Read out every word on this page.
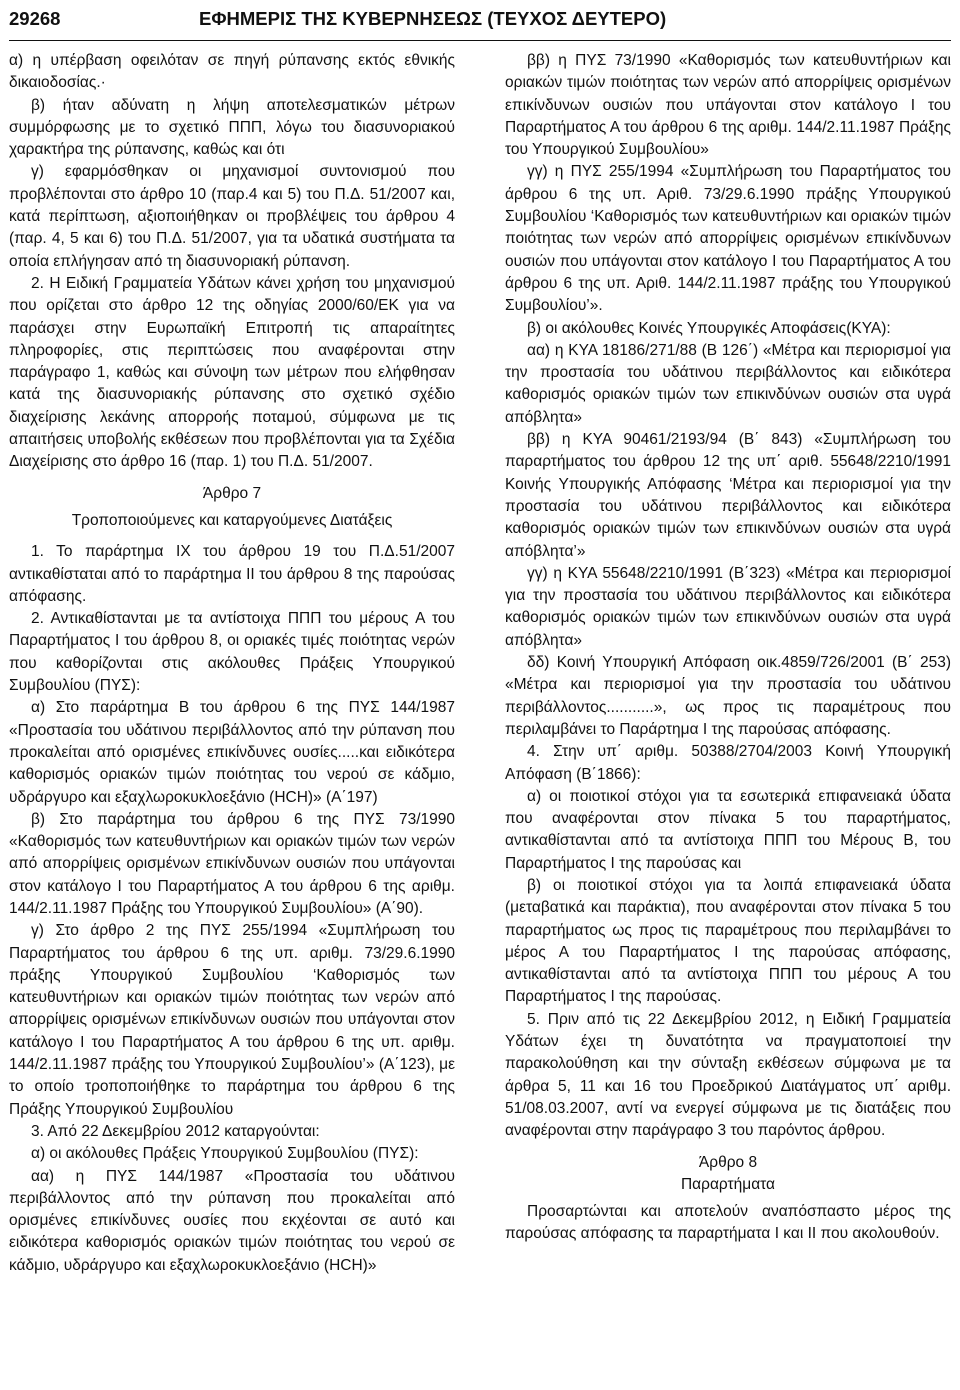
29268	ΕΦΗΜΕΡΙΣ ΤΗΣ ΚΥΒΕΡΝΗΣΕΩΣ (ΤΕΥΧΟΣ ΔΕΥΤΕΡΟ)

α) η υπέρβαση οφειλόταν σε πηγή ρύπανσης εκτός εθνικής δικαιοδοσίας.·

β) ήταν αδύνατη η λήψη αποτελεσματικών μέτρων συμμόρφωσης με το σχετικό ΠΠΠ, λόγω του διασυνοριακού χαρακτήρα της ρύπανσης, καθώς και ότι

γ) εφαρμόσθηκαν οι μηχανισμοί συντονισμού που προβλέπονται στο άρθρο 10 (παρ.4 και 5) του Π.Δ. 51/2007 και, κατά περίπτωση, αξιοποιήθηκαν οι προβλέψεις του άρθρου 4 (παρ. 4, 5 και 6) του Π.Δ. 51/2007, για τα υδατικά συστήματα τα οποία επλήγησαν από τη διασυνοριακή ρύπανση.

2. Η Ειδική Γραμματεία Υδάτων κάνει χρήση του μηχανισμού που ορίζεται στο άρθρο 12 της οδηγίας 2000/60/ΕΚ για να παράσχει στην Ευρωπαϊκή Επιτροπή τις απαραίτητες πληροφορίες, στις περιπτώσεις που αναφέρονται στην παράγραφο 1, καθώς και σύνοψη των μέτρων που ελήφθησαν κατά της διασυνοριακής ρύπανσης στο σχετικό σχέδιο διαχείρισης λεκάνης απορροής ποταμού, σύμφωνα με τις απαιτήσεις υποβολής εκθέσεων που προβλέπονται για τα Σχέδια Διαχείρισης στο άρθρο 16 (παρ. 1) του Π.Δ. 51/2007.

Άρθρο 7

Τροποποιούμενες και καταργούμενες Διατάξεις

1. Το παράρτημα IX του άρθρου 19 του Π.Δ.51/2007 αντικαθίσταται από το παράρτημα II του άρθρου 8 της παρούσας απόφασης.

2. Αντικαθίστανται με τα αντίστοιχα ΠΠΠ του μέρους Α του Παραρτήματος I του άρθρου 8, οι οριακές τιμές ποιότητας νερών που καθορίζονται στις ακόλουθες Πράξεις Υπουργικού Συμβουλίου (ΠΥΣ):

α) Στο παράρτημα Β του άρθρου 6 της ΠΥΣ 144/1987 «Προστασία του υδάτινου περιβάλλοντος από την ρύπανση που προκαλείται από ορισμένες επικίνδυνες ουσίες.....και ειδικότερα καθορισμός οριακών τιμών ποιότητας του νερού σε κάδμιο, υδράργυρο και εξαχλωροκυκλοεξάνιο (HCH)» (Α΄197)

β) Στο παράρτημα του άρθρου 6 της ΠΥΣ 73/1990 «Καθορισμός των κατευθυντήριων και οριακών τιμών των νερών από απορρίψεις ορισμένων επικίνδυνων ουσιών που υπάγονται στον κατάλογο I του Παραρτήματος Α του άρθρου 6 της αριθμ. 144/2.11.1987 Πράξης του Υπουργικού Συμβουλίου» (Α΄90).

γ) Στο άρθρο 2 της ΠΥΣ 255/1994 «Συμπλήρωση του Παραρτήματος του άρθρου 6 της υπ. αριθμ. 73/29.6.1990 πράξης Υπουργικού Συμβουλίου ‘Καθορισμός των κατευθυντήριων και οριακών τιμών ποιότητας των νερών από απορρίψεις ορισμένων επικίνδυνων ουσιών που υπάγονται στον κατάλογο I του Παραρτήματος Α του άρθρου 6 της υπ. αριθμ. 144/2.11.1987 πράξης του Υπουργικού Συμβουλίου’» (Α΄123), με το οποίο τροποποιήθηκε το παράρτημα του άρθρου 6 της Πράξης Υπουργικού Συμβουλίου

3. Από 22 Δεκεμβρίου 2012 καταργούνται:

α) οι ακόλουθες Πράξεις Υπουργικού Συμβουλίου (ΠΥΣ):

αα) η ΠΥΣ 144/1987 «Προστασία του υδάτινου περιβάλλοντος από την ρύπανση που προκαλείται από ορισμένες επικίνδυνες ουσίες που εκχέονται σε αυτό και ειδικότερα καθορισμός οριακών τιμών ποιότητας του νερού σε κάδμιο, υδράργυρο και εξαχλωροκυκλοεξάνιο (HCH)»

ββ) η ΠΥΣ 73/1990 «Καθορισμός των κατευθυντήριων και οριακών τιμών ποιότητας των νερών από απορρίψεις ορισμένων επικίνδυνων ουσιών που υπάγονται στον κατάλογο I του Παραρτήματος Α του άρθρου 6 της αριθμ. 144/2.11.1987 Πράξης του Υπουργικού Συμβουλίου»

γγ) η ΠΥΣ 255/1994 «Συμπλήρωση του Παραρτήματος του άρθρου 6 της υπ. Αριθ. 73/29.6.1990 πράξης Υπουργικού Συμβουλίου ‘Καθορισμός των κατευθυντήριων και οριακών τιμών ποιότητας των νερών από απορρίψεις ορισμένων επικίνδυνων ουσιών που υπάγονται στον κατάλογο I του Παραρτήματος Α του άρθρου 6 της υπ. Αριθ. 144/2.11.1987 πράξης του Υπουργικού Συμβουλίου’».

β) οι ακόλουθες Κοινές Υπουργικές Αποφάσεις(ΚΥΑ):

αα) η ΚΥΑ 18186/271/88 (Β 126΄) «Μέτρα και περιορισμοί για την προστασία του υδάτινου περιβάλλοντος και ειδικότερα καθορισμός οριακών τιμών των επικινδύνων ουσιών στα υγρά απόβλητα»

ββ) η ΚΥΑ 90461/2193/94 (Β΄ 843) «Συμπλήρωση του παραρτήματος του άρθρου 12 της υπ΄ αριθ. 55648/2210/1991 Κοινής Υπουργικής Απόφασης ‘Μέτρα και περιορισμοί για την προστασία του υδάτινου περιβάλλοντος και ειδικότερα καθορισμός οριακών τιμών των επικινδύνων ουσιών στα υγρά απόβλητα’»

γγ) η ΚΥΑ 55648/2210/1991 (Β΄323) «Μέτρα και περιορισμοί για την προστασία του υδάτινου περιβάλλοντος και ειδικότερα καθορισμός οριακών τιμών των επικινδύνων ουσιών στα υγρά απόβλητα»

δδ) Κοινή Υπουργική Απόφαση οικ.4859/726/2001 (Β΄ 253) «Μέτρα και περιορισμοί για την προστασία του υδάτινου περιβάλλοντος...........», ως προς τις παραμέτρους που περιλαμβάνει το Παράρτημα I της παρούσας απόφασης.

4. Στην υπ΄ αριθμ. 50388/2704/2003 Κοινή Υπουργική Απόφαση (Β΄1866):

α) οι ποιοτικοί στόχοι για τα εσωτερικά επιφανειακά ύδατα που αναφέρονται στον πίνακα 5 του παραρτήματος, αντικαθίστανται από τα αντίστοιχα ΠΠΠ του Μέρους Β, του Παραρτήματος I της παρούσας και

β) οι ποιοτικοί στόχοι για τα λοιπά επιφανειακά ύδατα (μεταβατικά και παράκτια), που αναφέρονται στον πίνακα 5 του παραρτήματος ως προς τις παραμέτρους που περιλαμβάνει το μέρος Α του Παραρτήματος I της παρούσας απόφασης, αντικαθίστανται από τα αντίστοιχα ΠΠΠ του μέρους Α του Παραρτήματος I της παρούσας.

5. Πριν από τις 22 Δεκεμβρίου 2012, η Ειδική Γραμματεία Υδάτων έχει τη δυνατότητα να πραγματοποιεί την παρακολούθηση και την σύνταξη εκθέσεων σύμφωνα με τα άρθρα 5, 11 και 16 του Προεδρικού Διατάγματος υπ΄ αριθμ. 51/08.03.2007, αντί να ενεργεί σύμφωνα με τις διατάξεις που αναφέρονται στην παράγραφο 3 του παρόντος άρθρου.

Άρθρο 8

Παραρτήματα

Προσαρτώνται και αποτελούν αναπόσπαστο μέρος της παρούσας απόφασης τα παραρτήματα I και II που ακολουθούν.
